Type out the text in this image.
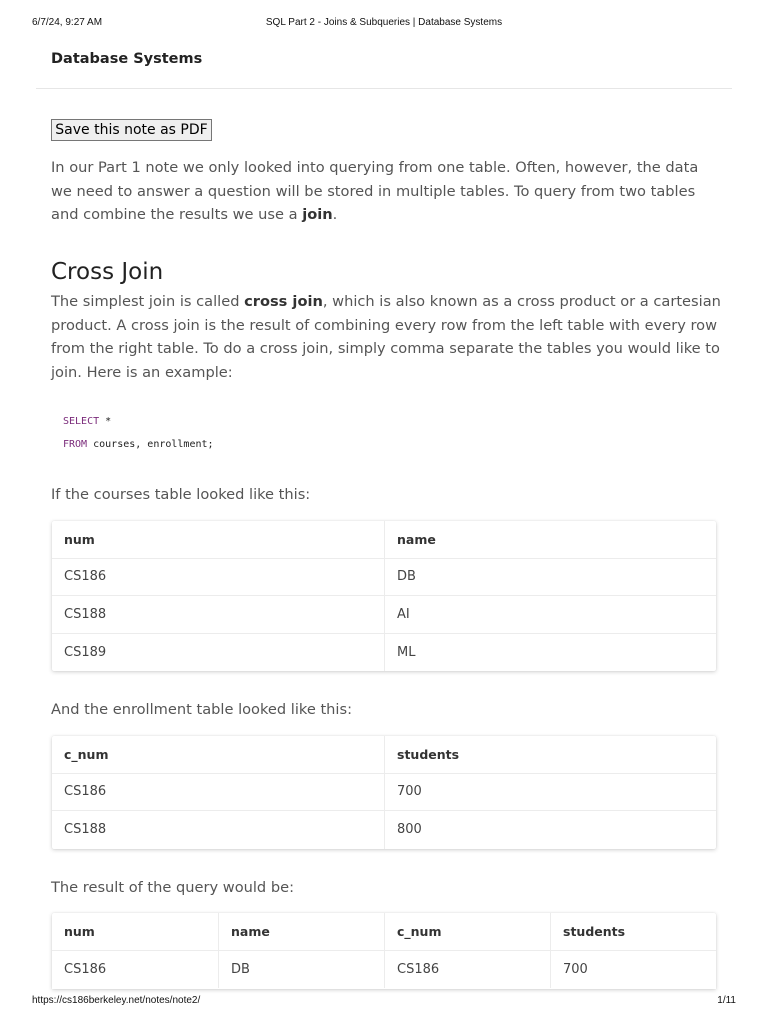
6/7/24, 9:27 AM	SQL Part 2 - Joins & Subqueries | Database Systems
Database Systems
Save this note as PDF

In our Part 1 note we only looked into querying from one table. Often, however, the data we need to answer a question will be stored in multiple tables. To query from two tables and combine the results we use a join.

Cross Join

The simplest join is called cross join, which is also known as a cross product or a cartesian product. A cross join is the result of combining every row from the left table with every row from the right table. To do a cross join, simply comma separate the tables you would like to join. Here is an example:

SELECT *
FROM courses, enrollment;

If the courses table looked like this:

num	name
CS186	DB
CS188	AI
CS189	ML

And the enrollment table looked like this:

c_num	students
CS186	700
CS188	800

The result of the query would be:

num	name	c_num	students
CS186	DB	CS186	700
https://cs186berkeley.net/notes/note2/	1/11
